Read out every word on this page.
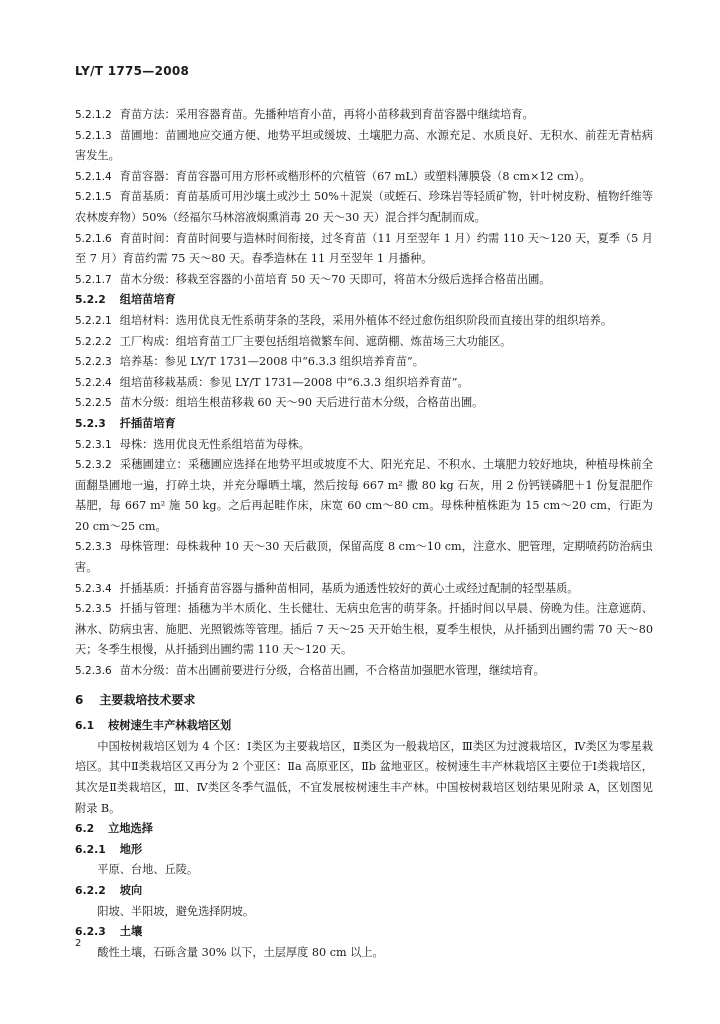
LY/T 1775—2008

5.2.1.2 育苗方法：采用容器育苗。先播种培育小苗，再将小苗移栽到育苗容器中继续培育。

5.2.1.3 苗圃地：苗圃地应交通方便、地势平坦或缓坡、土壤肥力高、水源充足、水质良好、无积水、前茬无青枯病害发生。

5.2.1.4 育苗容器：育苗容器可用方形杯或楷形杯的穴植管（67 mL）或塑料薄膜袋（8 cm×12 cm）。

5.2.1.5 育苗基质：育苗基质可用沙壤土或沙土 50%＋泥炭（或蛭石、珍珠岩等轻质矿物，针叶树皮粉、植物纤维等农林废弃物）50%（经福尔马林溶液焖熏消毒 20 天～30 天）混合拌匀配制而成。

5.2.1.6 育苗时间：育苗时间要与造林时间衔接，过冬育苗（11 月至翌年 1 月）约需 110 天～120 天，夏季（5 月至 7 月）育苗约需 75 天～80 天。春季造林在 11 月至翌年 1 月播种。

5.2.1.7 苗木分级：移栽至容器的小苗培育 50 天～70 天即可，将苗木分级后选择合格苗出圃。

5.2.2 组培苗培育

5.2.2.1 组培材料：选用优良无性系萌芽条的茎段，采用外植体不经过愈伤组织阶段而直接出芽的组织培养。

5.2.2.2 工厂构成：组培育苗工厂主要包括组培微繁车间、遮荫棚、炼苗场三大功能区。

5.2.2.3 培养基：参见 LY/T 1731—2008 中“6.3.3 组织培养育苗”。

5.2.2.4 组培苗移栽基质：参见 LY/T 1731—2008 中“6.3.3 组织培养育苗”。

5.2.2.5 苗木分级：组培生根苗移栽 60 天～90 天后进行苗木分级，合格苗出圃。

5.2.3 扦插苗培育

5.2.3.1 母株：选用优良无性系组培苗为母株。

5.2.3.2 采穗圃建立：采穗圃应选择在地势平坦或坡度不大、阳光充足、不积水、土壤肥力较好地块，种植母株前全面翻垦圃地一遍，打碎土块，并充分曝晒土壤，然后按每 667 m² 撒 80 kg 石灰，用 2 份钙镁磷肥＋1 份复混肥作基肥，每 667 m² 施 50 kg。之后再起畦作床，床宽 60 cm～80 cm。母株种植株距为 15 cm～20 cm，行距为 20 cm～25 cm。

5.2.3.3 母株管理：母株栽种 10 天～30 天后截顶，保留高度 8 cm～10 cm，注意水、肥管理，定期喷药防治病虫害。

5.2.3.4 扦插基质：扦插育苗容器与播种苗相同，基质为通透性较好的黄心土或经过配制的轻型基质。

5.2.3.5 扦插与管理：插穗为半木质化、生长健壮、无病虫危害的萌芽条。扦插时间以早晨、傍晚为佳。注意遮荫、淋水、防病虫害、施肥、光照锻炼等管理。插后 7 天～25 天开始生根，夏季生根快，从扦插到出圃约需 70 天～80 天；冬季生根慢，从扦插到出圃约需 110 天～120 天。

5.2.3.6 苗木分级：苗木出圃前要进行分级，合格苗出圃，不合格苗加强肥水管理，继续培育。

6 主要栽培技术要求

6.1 桉树速生丰产林栽培区划

中国桉树栽培区划为 4 个区：Ⅰ类区为主要栽培区，Ⅱ类区为一般栽培区，Ⅲ类区为过渡栽培区，Ⅳ类区为零星栽培区。其中Ⅱ类栽培区又再分为 2 个亚区：Ⅱa 高原亚区，Ⅱb 盆地亚区。桉树速生丰产林栽培区主要位于Ⅰ类栽培区，其次是Ⅱ类栽培区，Ⅲ、Ⅳ类区冬季气温低，不宜发展桉树速生丰产林。中国桉树栽培区划结果见附录 A，区划图见附录 B。

6.2 立地选择

6.2.1 地形

平原、台地、丘陵。

6.2.2 坡向

阳坡、半阳坡，避免选择阴坡。

6.2.3 土壤

酸性土壤，石砾含量 30% 以下，土层厚度 80 cm 以上。

2
